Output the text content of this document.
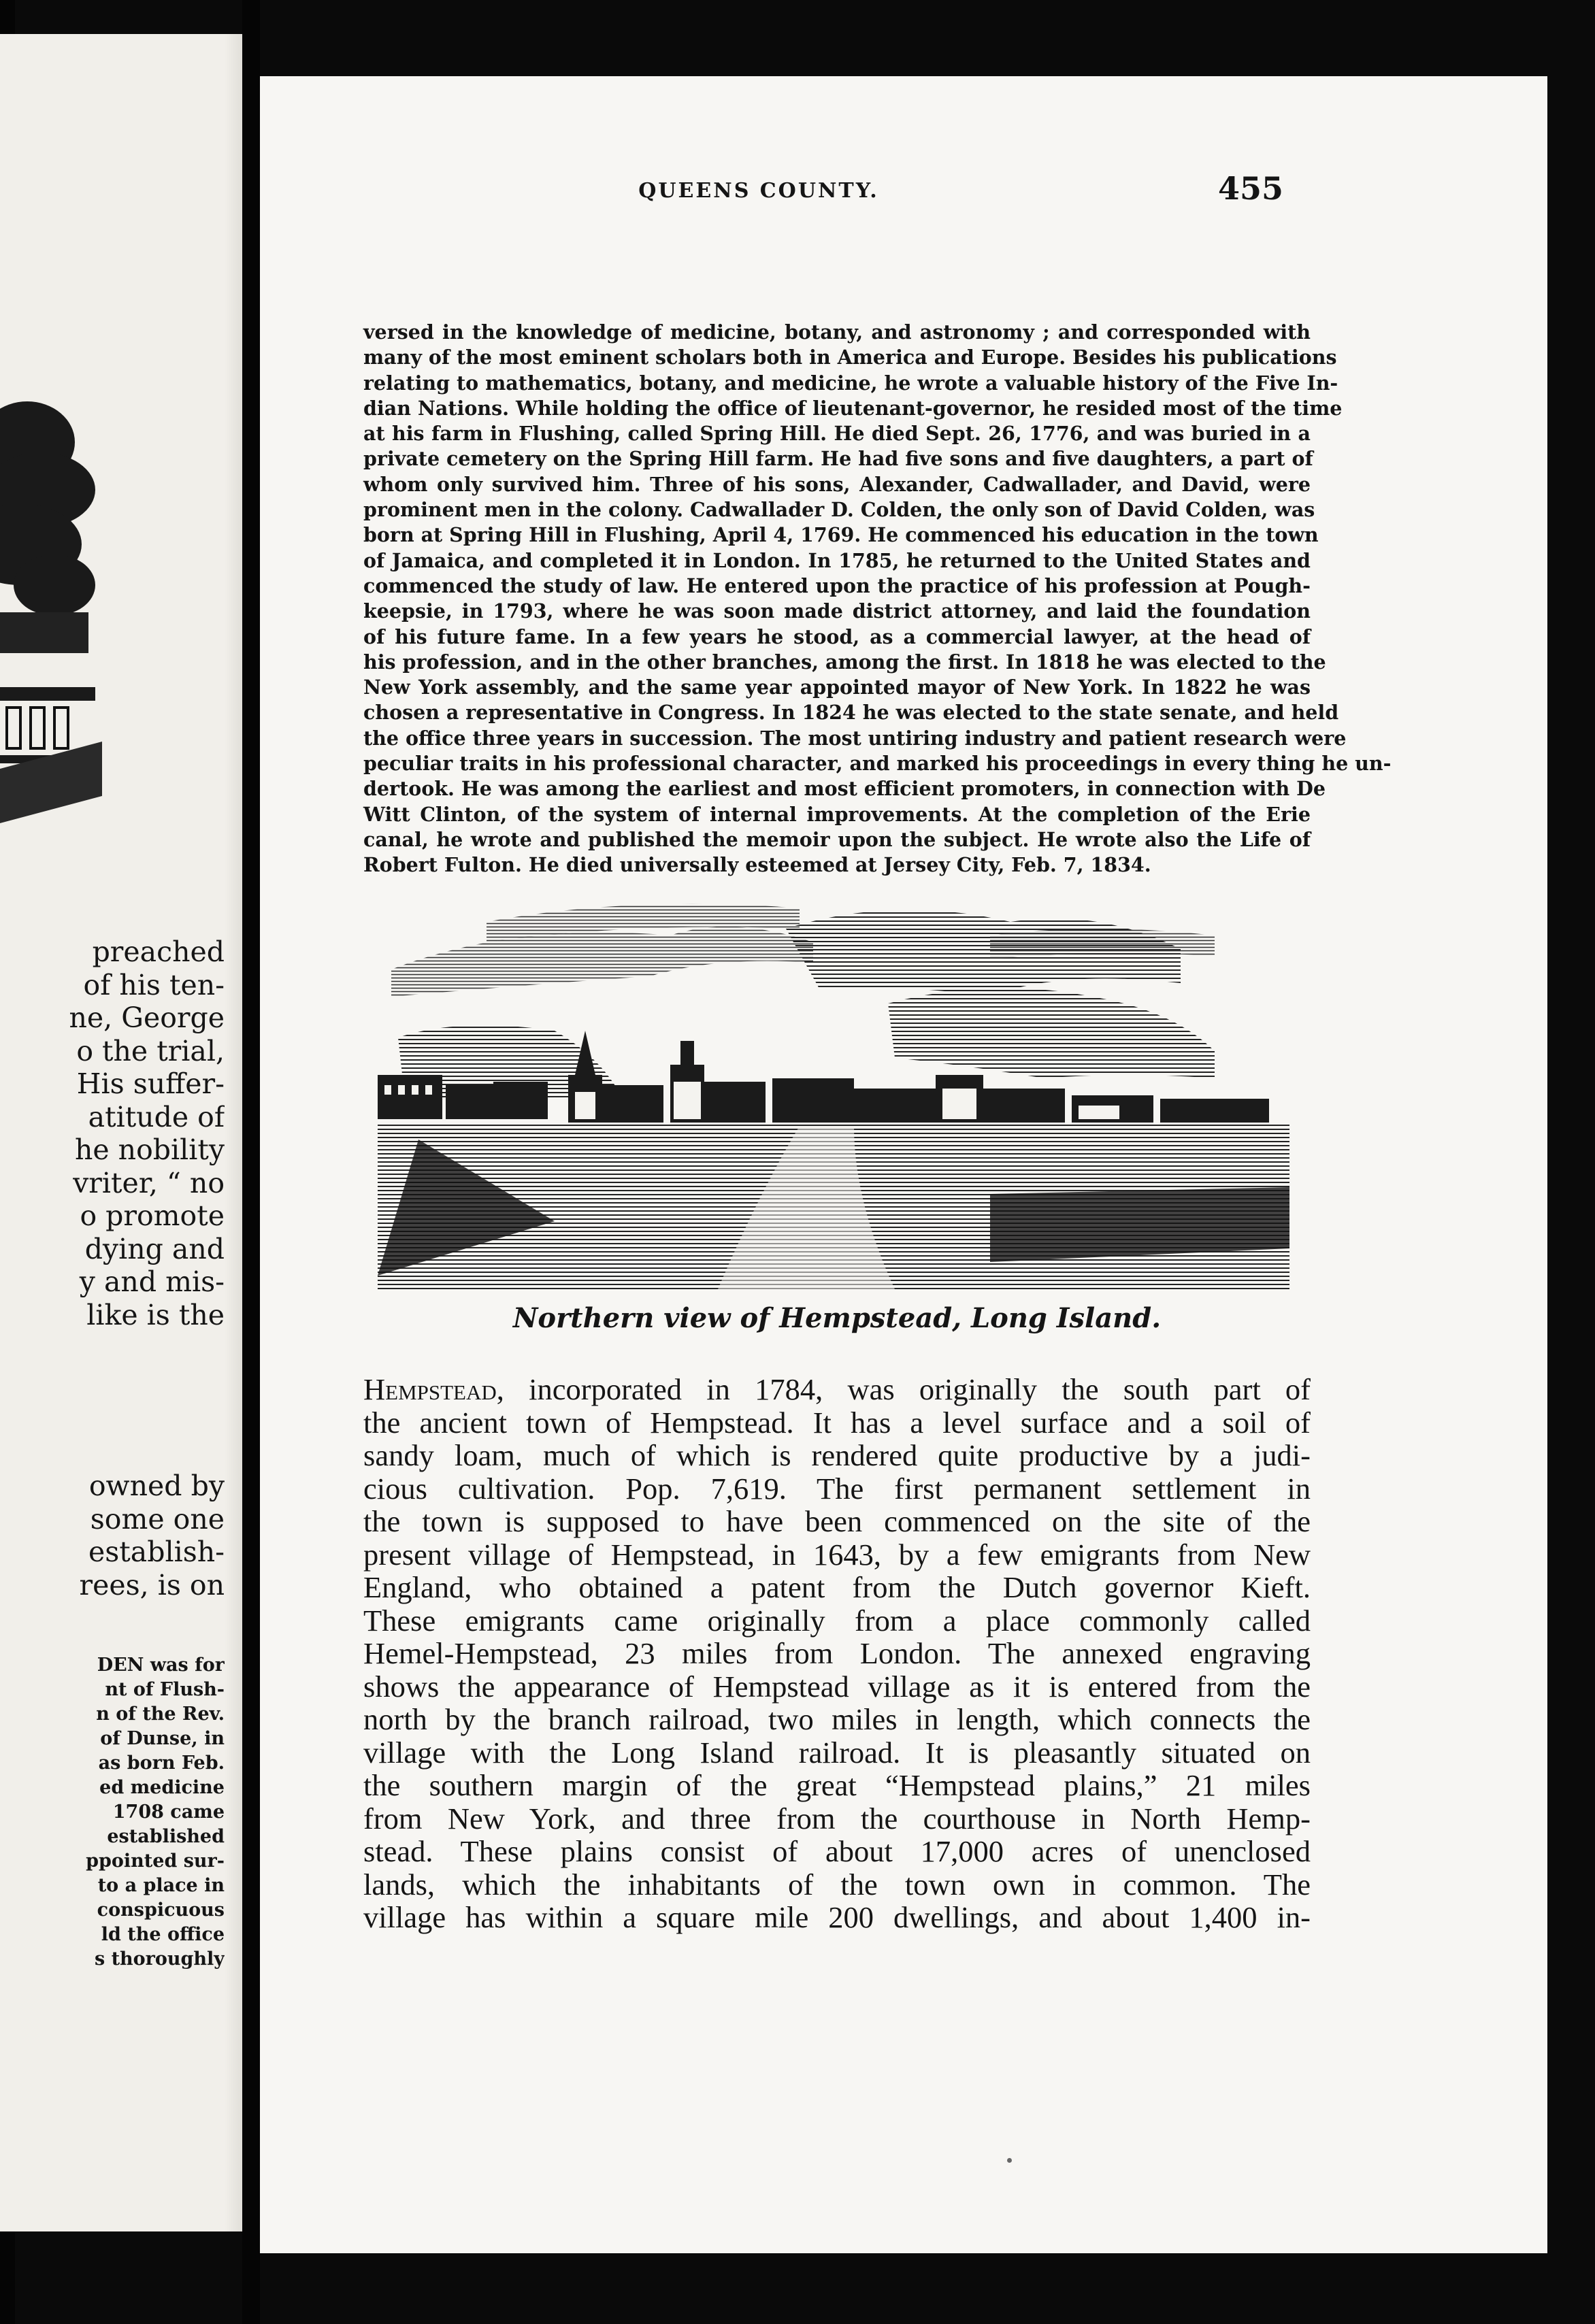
preached
of his ten-
ne, George
o the trial,
His suffer-
atitude of
he nobility
vriter, “ no
o promote
dying and
y and mis-
like is the
owned by
some one
establish-
rees, is on
DEN was for
nt of Flush-
n of the Rev.
of Dunse, in
as born Feb.
ed medicine
1708 came
established
ppointed sur-
to a place in
conspicuous
ld the office
s thoroughly
QUEENS COUNTY.	455
versed in the knowledge of medicine, botany, and astronomy ; and corresponded with
many of the most eminent scholars both in America and Europe. Besides his publications
relating to mathematics, botany, and medicine, he wrote a valuable history of the Five In-
dian Nations. While holding the office of lieutenant-governor, he resided most of the time
at his farm in Flushing, called Spring Hill. He died Sept. 26, 1776, and was buried in a
private cemetery on the Spring Hill farm. He had five sons and five daughters, a part of
whom only survived him. Three of his sons, Alexander, Cadwallader, and David, were
prominent men in the colony. Cadwallader D. Colden, the only son of David Colden, was
born at Spring Hill in Flushing, April 4, 1769. He commenced his education in the town
of Jamaica, and completed it in London. In 1785, he returned to the United States and
commenced the study of law. He entered upon the practice of his profession at Pough-
keepsie, in 1793, where he was soon made district attorney, and laid the foundation
of his future fame. In a few years he stood, as a commercial lawyer, at the head of
his profession, and in the other branches, among the first. In 1818 he was elected to the
New York assembly, and the same year appointed mayor of New York. In 1822 he was
chosen a representative in Congress. In 1824 he was elected to the state senate, and held
the office three years in succession. The most untiring industry and patient research were
peculiar traits in his professional character, and marked his proceedings in every thing he un-
dertook. He was among the earliest and most efficient promoters, in connection with De
Witt Clinton, of the system of internal improvements. At the completion of the Erie
canal, he wrote and published the memoir upon the subject. He wrote also the Life of
Robert Fulton. He died universally esteemed at Jersey City, Feb. 7, 1834.
Northern view of Hempstead, Long Island.
Hempstead, incorporated in 1784, was originally the south part of
the ancient town of Hempstead. It has a level surface and a soil of
sandy loam, much of which is rendered quite productive by a judi-
cious cultivation. Pop. 7,619. The first permanent settlement in
the town is supposed to have been commenced on the site of the
present village of Hempstead, in 1643, by a few emigrants from New
England, who obtained a patent from the Dutch governor Kieft.
These emigrants came originally from a place commonly called
Hemel-Hempstead, 23 miles from London. The annexed engraving
shows the appearance of Hempstead village as it is entered from the
north by the branch railroad, two miles in length, which connects the
village with the Long Island railroad. It is pleasantly situated on
the southern margin of the great “Hempstead plains,” 21 miles
from New York, and three from the courthouse in North Hemp-
stead. These plains consist of about 17,000 acres of unenclosed
lands, which the inhabitants of the town own in common. The
village has within a square mile 200 dwellings, and about 1,400 in-
